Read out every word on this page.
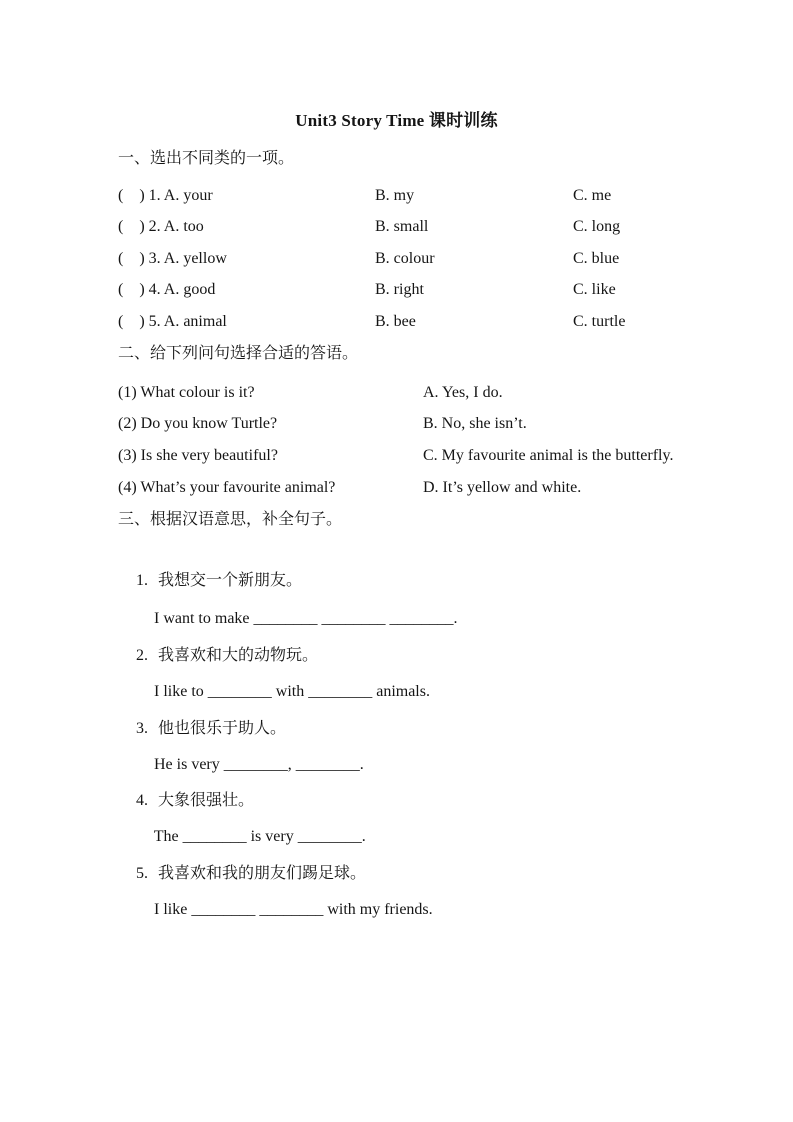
Unit3 Story Time 课时训练
一、选出不同类的一项。
(    ) 1. A. your	B. my	C. me
(    ) 2. A. too	B. small	C. long
(    ) 3. A. yellow	B. colour	C. blue
(    ) 4. A. good	B. right	C. like
(    ) 5. A. animal	B. bee	C. turtle
二、给下列问句选择合适的答语。
(1) What colour is it?	A. Yes, I do.
(2) Do you know Turtle?	B. No, she isn’t.
(3) Is she very beautiful?	C. My favourite animal is the butterfly.
(4) What’s your favourite animal?	D. It’s yellow and white.
三、根据汉语意思，补全句子。

1. 我想交一个新朋友。

I want to make ________ ________ ________.

2. 我喜欢和大的动物玩。

I like to ________ with ________ animals.

3. 他也很乐于助人。

He is very ________, ________.

4. 大象很强壮。

The ________ is very ________.

5. 我喜欢和我的朋友们踢足球。

I like ________ ________ with my friends.
